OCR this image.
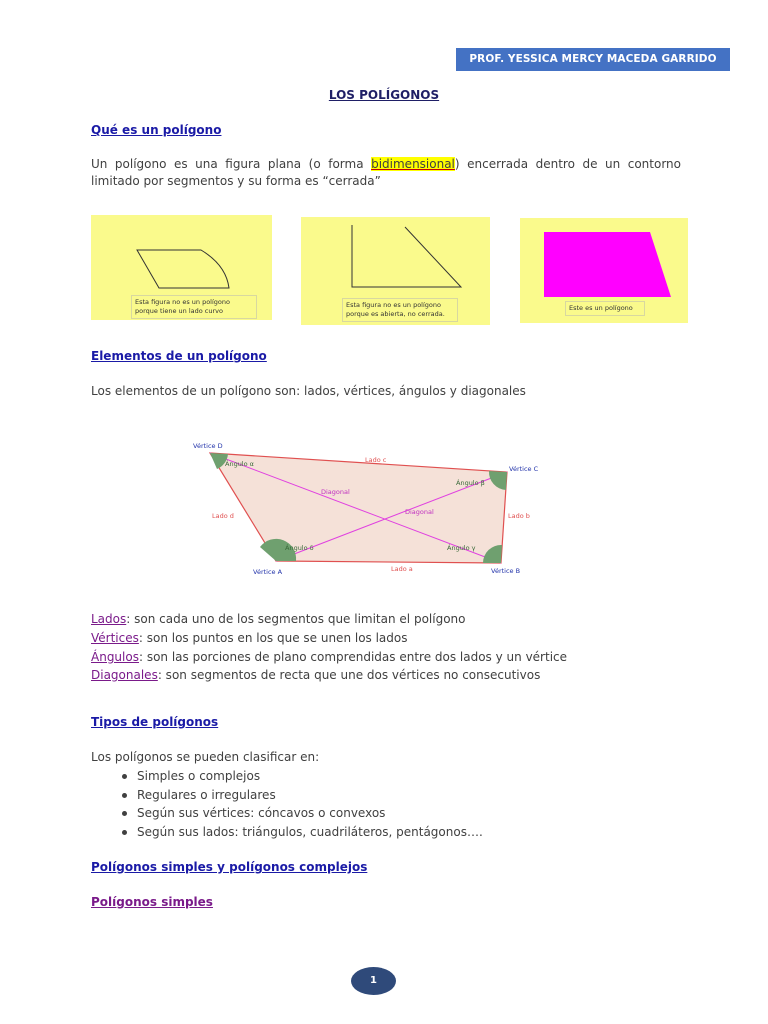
PROF. YESSICA MERCY MACEDA GARRIDO
LOS POLÍGONOS
Qué es un polígono
Un polígono es una figura plana (o forma bidimensional) encerrada dentro de un contorno limitado por segmentos y su forma es “cerrada”
Esta figura no es un polígono porque tiene un lado curvo
Esta figura no es un polígono porque es abierta, no cerrada.
Este es un polígono
Elementos de un polígono
Los elementos de un polígono son: lados, vértices, ángulos y diagonales
Vértice D
Vértice C
Vértice A	Vértice B
Lado c
Lado d	Lado b
Lado a
Ángulo α
Ángulo β
Ángulo δ	Ángulo γ
Diagonal
Diagonal
Lados: son cada uno de los segmentos que limitan el polígono
Vértices: son los puntos en los que se unen los lados
Ángulos: son las porciones de plano comprendidas entre dos lados y un vértice
Diagonales: son segmentos de recta que une dos vértices no consecutivos
Tipos de polígonos
Los polígonos se pueden clasificar en:
Simples o complejos
Regulares o irregulares
Según sus vértices: cóncavos o convexos
Según sus lados: triángulos, cuadriláteros, pentágonos….
Polígonos simples y polígonos complejos
Polígonos simples
1
